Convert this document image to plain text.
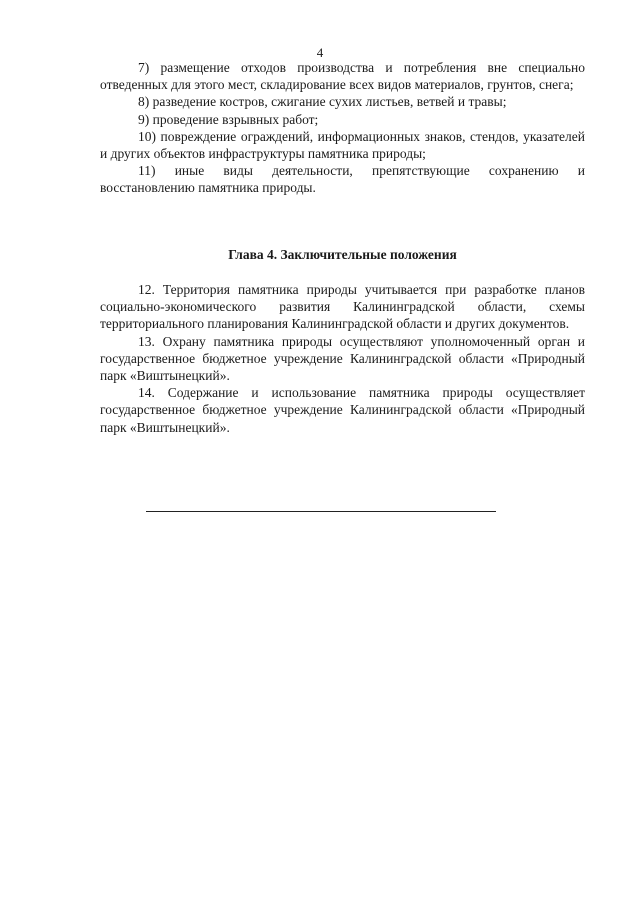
4

7) размещение отходов производства и потребления вне специально отведенных для этого мест, складирование всех видов материалов, грунтов, снега;

8) разведение костров, сжигание сухих листьев, ветвей и травы;

9) проведение взрывных работ;

10) повреждение ограждений, информационных знаков, стендов, указателей и других объектов инфраструктуры памятника природы;

11) иные виды деятельности, препятствующие сохранению и восстановлению памятника природы.

Глава 4. Заключительные положения

12. Территория памятника природы учитывается при разработке планов социально-экономического развития Калининградской области, схемы территориального планирования Калининградской области и других документов.

13. Охрану памятника природы осуществляют уполномоченный орган и государственное бюджетное учреждение Калининградской области «Природный парк «Виштынецкий».

14. Содержание и использование памятника природы осуществляет государственное бюджетное учреждение Калининградской области «Природный парк «Виштынецкий».
